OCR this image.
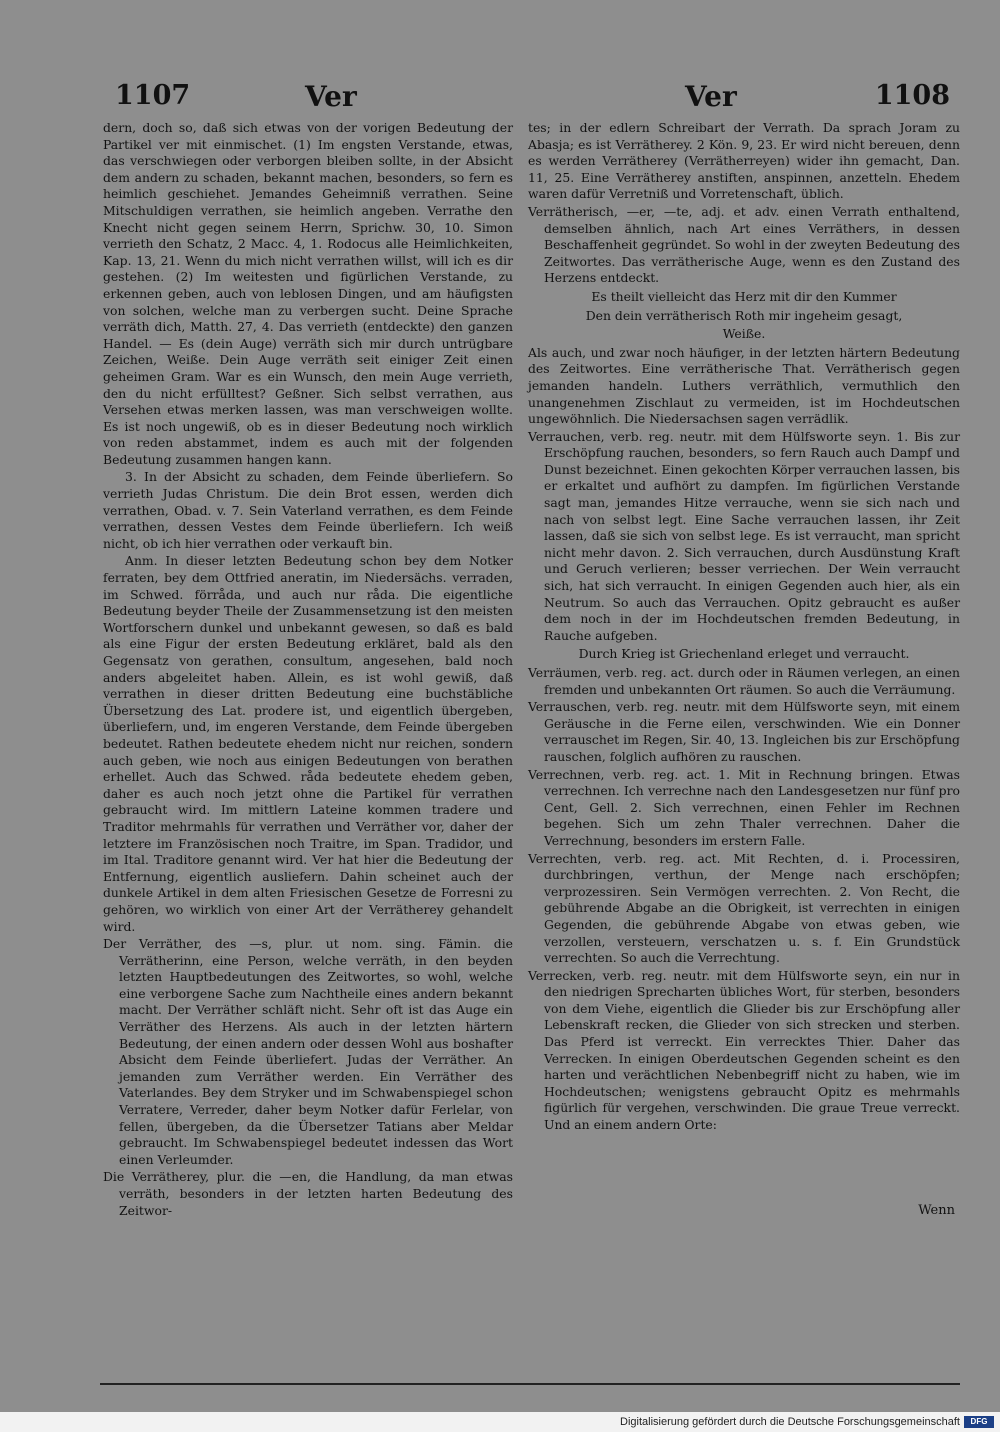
1107	Ver	Ver	1108

dern, doch so, daß sich etwas von der vorigen Bedeutung der Partikel ver mit einmischet. (1) Im engsten Verstande, etwas, das verschwiegen oder verborgen bleiben sollte, in der Absicht dem andern zu schaden, bekannt machen, besonders, so fern es heimlich geschiehet. Jemandes Geheimniß verrathen. Seine Mitschuldigen verrathen, sie heimlich angeben. Verrathe den Knecht nicht gegen seinem Herrn, Sprichw. 30, 10. Simon verrieth den Schatz, 2 Macc. 4, 1. Rodocus alle Heimlichkeiten, Kap. 13, 21. Wenn du mich nicht verrathen willst, will ich es dir gestehen. (2) Im weitesten und figürlichen Verstande, zu erkennen geben, auch von leblosen Dingen, und am häufigsten von solchen, welche man zu verbergen sucht. Deine Sprache verräth dich, Matth. 27, 4. Das verrieth (entdeckte) den ganzen Handel. — Es (dein Auge) verräth sich mir durch untrügbare Zeichen, Weiße. Dein Auge verräth seit einiger Zeit einen geheimen Gram. War es ein Wunsch, den mein Auge verrieth, den du nicht erfülltest? Geßner. Sich selbst verrathen, aus Versehen etwas merken lassen, was man verschweigen wollte. Es ist noch ungewiß, ob es in dieser Bedeutung noch wirklich von reden abstammet, indem es auch mit der folgenden Bedeutung zusammen hangen kann.

3. In der Absicht zu schaden, dem Feinde überliefern. So verrieth Judas Christum. Die dein Brot essen, werden dich verrathen, Obad. v. 7. Sein Vaterland verrathen, es dem Feinde verrathen, dessen Vestes dem Feinde überliefern. Ich weiß nicht, ob ich hier verrathen oder verkauft bin.

Anm. In dieser letzten Bedeutung schon bey dem Notker ferraten, bey dem Ottfried aneratin, im Niedersächs. verraden, im Schwed. förråda, und auch nur råda. Die eigentliche Bedeutung beyder Theile der Zusammensetzung ist den meisten Wortforschern dunkel und unbekannt gewesen, so daß es bald als eine Figur der ersten Bedeutung erkläret, bald als den Gegensatz von gerathen, consultum, angesehen, bald noch anders abgeleitet haben. Allein, es ist wohl gewiß, daß verrathen in dieser dritten Bedeutung eine buchstäbliche Übersetzung des Lat. prodere ist, und eigentlich übergeben, überliefern, und, im engeren Verstande, dem Feinde übergeben bedeutet. Rathen bedeutete ehedem nicht nur reichen, sondern auch geben, wie noch aus einigen Bedeutungen von berathen erhellet. Auch das Schwed. råda bedeutete ehedem geben, daher es auch noch jetzt ohne die Partikel für verrathen gebraucht wird. Im mittlern Lateine kommen tradere und Traditor mehrmahls für verrathen und Verräther vor, daher der letztere im Französischen noch Traitre, im Span. Tradidor, und im Ital. Traditore genannt wird. Ver hat hier die Bedeutung der Entfernung, eigentlich ausliefern. Dahin scheinet auch der dunkele Artikel in dem alten Friesischen Gesetze de Forresni zu gehören, wo wirklich von einer Art der Verrätherey gehandelt wird.

Der Verräther, des —s, plur. ut nom. sing. Fämin. die Verrätherinn, eine Person, welche verräth, in den beyden letzten Hauptbedeutungen des Zeitwortes, so wohl, welche eine verborgene Sache zum Nachtheile eines andern bekannt macht. Der Verräther schläft nicht. Sehr oft ist das Auge ein Verräther des Herzens. Als auch in der letzten härtern Bedeutung, der einen andern oder dessen Wohl aus boshafter Absicht dem Feinde überliefert. Judas der Verräther. An jemanden zum Verräther werden. Ein Verräther des Vaterlandes. Bey dem Stryker und im Schwabenspiegel schon Verratere, Verreder, daher beym Notker dafür Ferlelar, von fellen, übergeben, da die Übersetzer Tatians aber Meldar gebraucht. Im Schwabenspiegel bedeutet indessen das Wort einen Verleumder.

Die Verrätherey, plur. die —en, die Handlung, da man etwas verräth, besonders in der letzten harten Bedeutung des Zeitwor-

tes; in der edlern Schreibart der Verrath. Da sprach Joram zu Abasja; es ist Verrätherey. 2 Kön. 9, 23. Er wird nicht bereuen, denn es werden Verrätherey (Verrätherreyen) wider ihn gemacht, Dan. 11, 25. Eine Verrätherey anstiften, anspinnen, anzetteln. Ehedem waren dafür Verretniß und Vorretenschaft, üblich.

Verrätherisch, —er, —te, adj. et adv. einen Verrath enthaltend, demselben ähnlich, nach Art eines Verräthers, in dessen Beschaffenheit gegründet. So wohl in der zweyten Bedeutung des Zeitwortes. Das verrätherische Auge, wenn es den Zustand des Herzens entdeckt.

Es theilt vielleicht das Herz mit dir den Kummer

Den dein verrätherisch Roth mir ingeheim gesagt,

Weiße.

Als auch, und zwar noch häufiger, in der letzten härtern Bedeutung des Zeitwortes. Eine verrätherische That. Verrätherisch gegen jemanden handeln. Luthers verräthlich, vermuthlich den unangenehmen Zischlaut zu vermeiden, ist im Hochdeutschen ungewöhnlich. Die Niedersachsen sagen verrädlik.

Verrauchen, verb. reg. neutr. mit dem Hülfsworte seyn. 1. Bis zur Erschöpfung rauchen, besonders, so fern Rauch auch Dampf und Dunst bezeichnet. Einen gekochten Körper verrauchen lassen, bis er erkaltet und aufhört zu dampfen. Im figürlichen Verstande sagt man, jemandes Hitze verrauche, wenn sie sich nach und nach von selbst legt. Eine Sache verrauchen lassen, ihr Zeit lassen, daß sie sich von selbst lege. Es ist verraucht, man spricht nicht mehr davon. 2. Sich verrauchen, durch Ausdünstung Kraft und Geruch verlieren; besser verriechen. Der Wein verraucht sich, hat sich verraucht. In einigen Gegenden auch hier, als ein Neutrum. So auch das Verrauchen. Opitz gebraucht es außer dem noch in der im Hochdeutschen fremden Bedeutung, in Rauche aufgeben.

Durch Krieg ist Griechenland erleget und verraucht.

Verräumen, verb. reg. act. durch oder in Räumen verlegen, an einen fremden und unbekannten Ort räumen. So auch die Verräumung.

Verrauschen, verb. reg. neutr. mit dem Hülfsworte seyn, mit einem Geräusche in die Ferne eilen, verschwinden. Wie ein Donner verrauschet im Regen, Sir. 40, 13. Ingleichen bis zur Erschöpfung rauschen, folglich aufhören zu rauschen.

Verrechnen, verb. reg. act. 1. Mit in Rechnung bringen. Etwas verrechnen. Ich verrechne nach den Landesgesetzen nur fünf pro Cent, Gell. 2. Sich verrechnen, einen Fehler im Rechnen begehen. Sich um zehn Thaler verrechnen. Daher die Verrechnung, besonders im erstern Falle.

Verrechten, verb. reg. act. Mit Rechten, d. i. Processiren, durchbringen, verthun, der Menge nach erschöpfen; verprozessiren. Sein Vermögen verrechten. 2. Von Recht, die gebührende Abgabe an die Obrigkeit, ist verrechten in einigen Gegenden, die gebührende Abgabe von etwas geben, wie verzollen, versteuern, verschatzen u. s. f. Ein Grundstück verrechten. So auch die Verrechtung.

Verrecken, verb. reg. neutr. mit dem Hülfsworte seyn, ein nur in den niedrigen Sprecharten übliches Wort, für sterben, besonders von dem Viehe, eigentlich die Glieder bis zur Erschöpfung aller Lebenskraft recken, die Glieder von sich strecken und sterben. Das Pferd ist verreckt. Ein verrecktes Thier. Daher das Verrecken. In einigen Oberdeutschen Gegenden scheint es den harten und verächtlichen Nebenbegriff nicht zu haben, wie im Hochdeutschen; wenigstens gebraucht Opitz es mehrmahls figürlich für vergehen, verschwinden. Die graue Treue verreckt. Und an einem andern Orte:

Wenn
Digitalisierung gefördert durch die Deutsche Forschungsgemeinschaft	DFG
